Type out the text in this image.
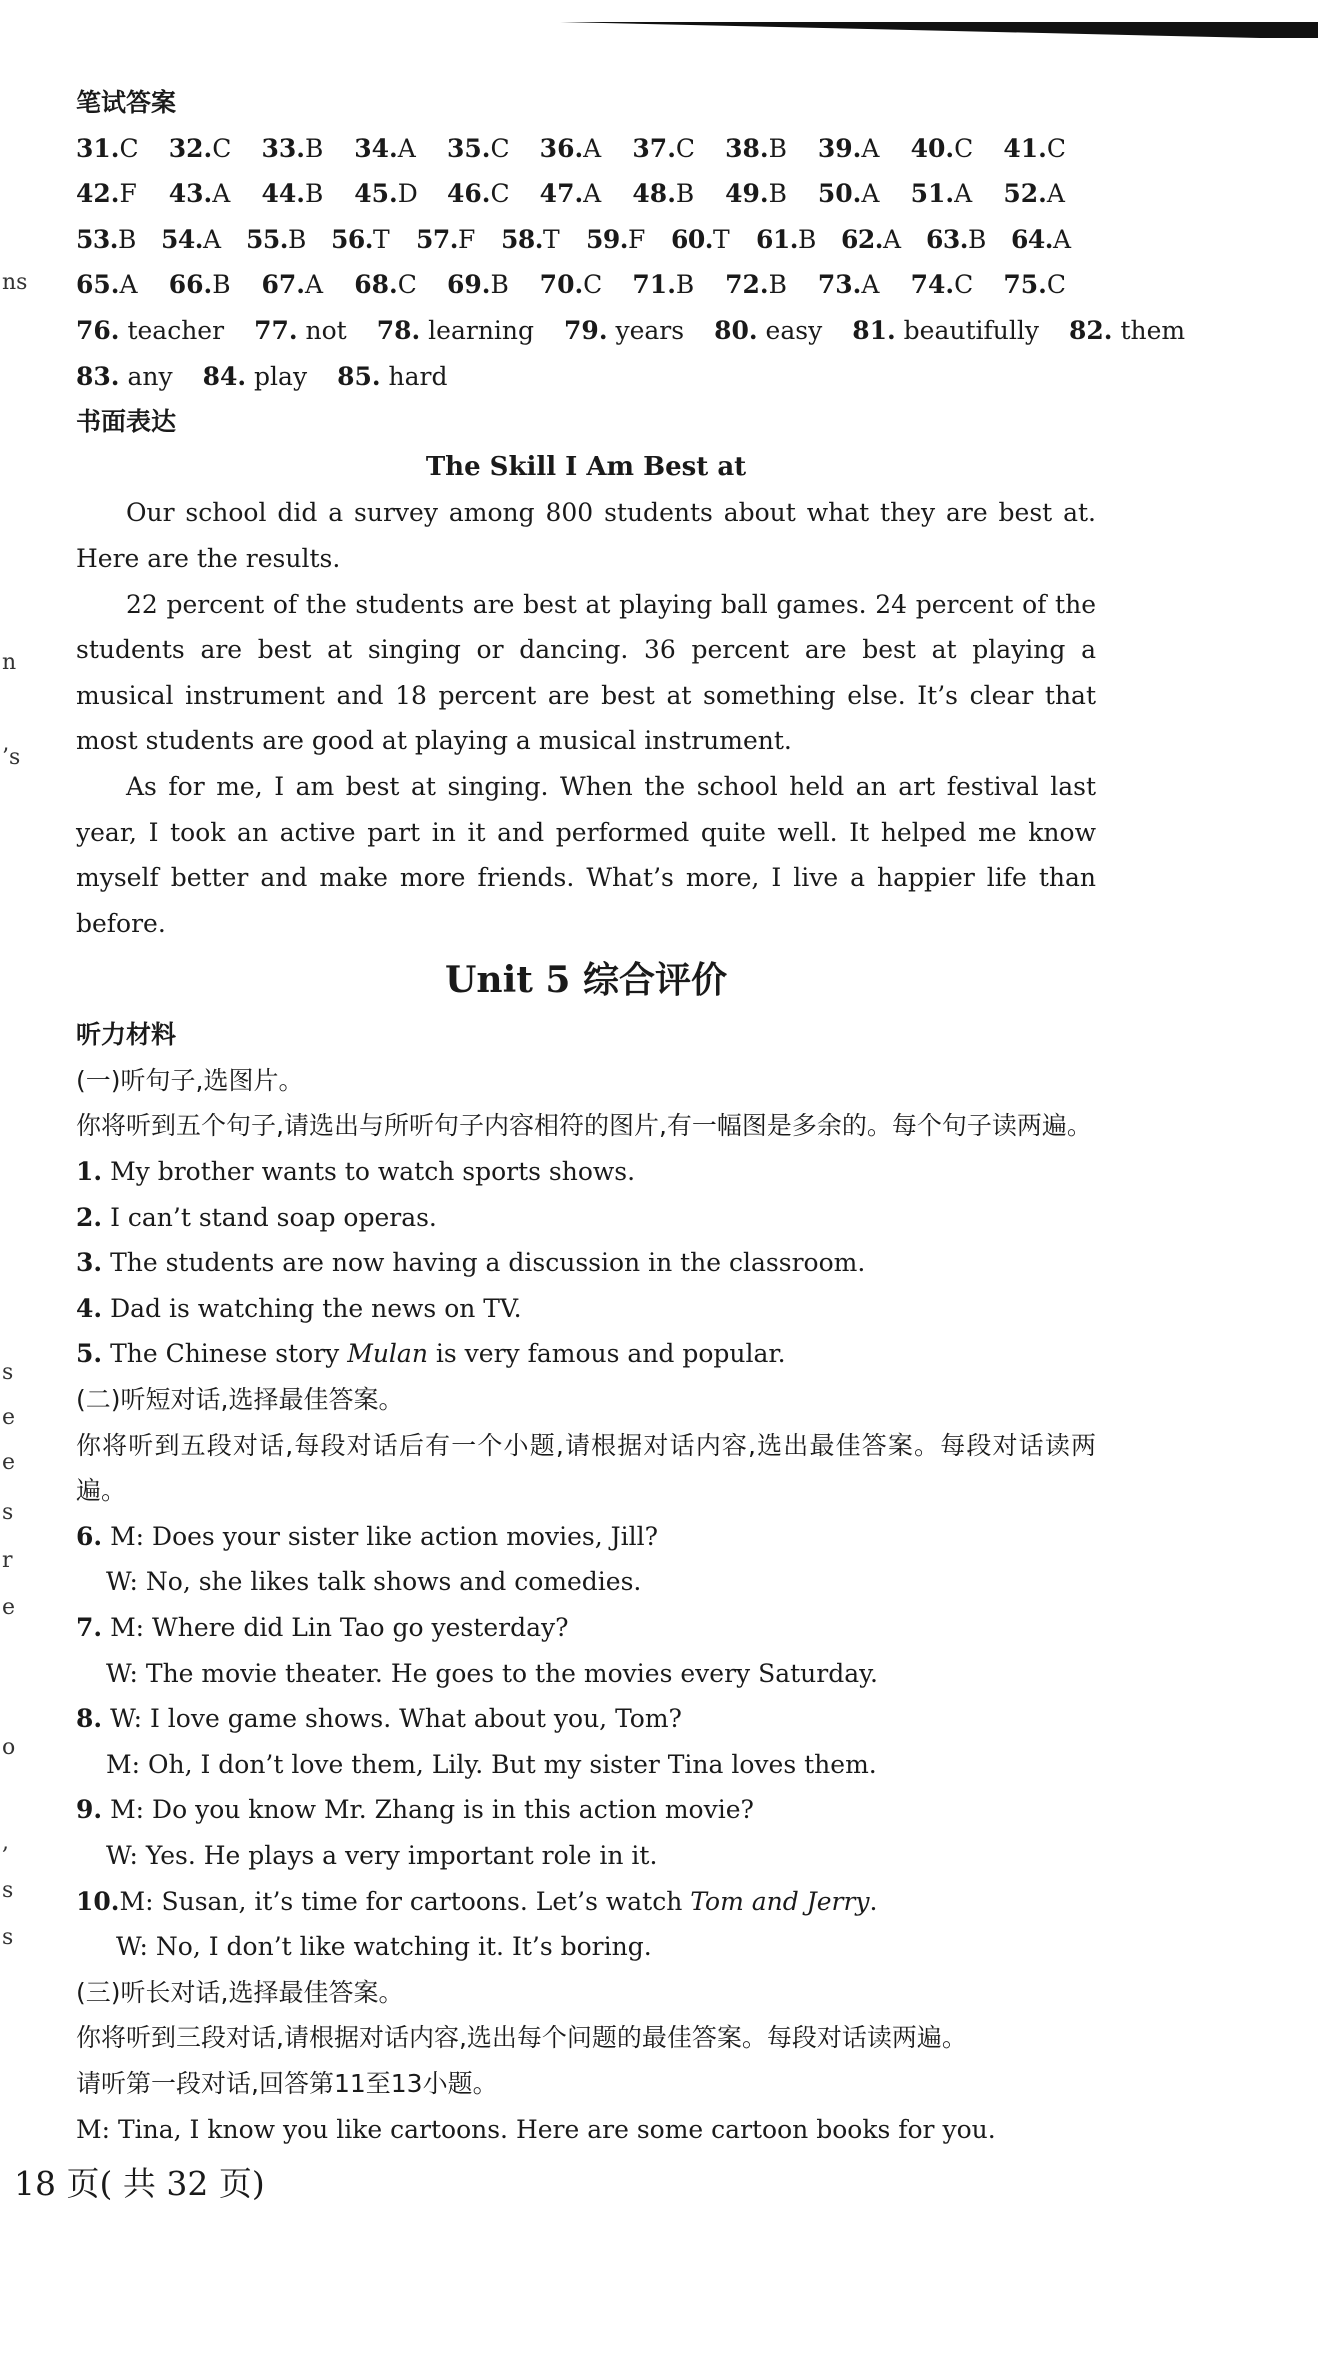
ns
n
’s
s
e
e
s
r
e
o
,
s
s
笔试答案
31.C	32.C	33.B	34.A	35.C	36.A	37.C	38.B	39.A	40.C	41.C
42.F	43.A	44.B	45.D	46.C	47.A	48.B	49.B	50.A	51.A	52.A
53.B	54.A	55.B	56.T	57.F	58.T	59.F	60.T	61.B	62.A	63.B	64.A
65.A	66.B	67.A	68.C	69.B	70.C	71.B	72.B	73.A	74.C	75.C
76. teacher 77. not 78. learning 79. years 80. easy 81. beautifully 82. them
83. any 84. play 85. hard
书面表达
The Skill I Am Best at
Our school did a survey among 800 students about what they are best at. Here are the results.
22 percent of the students are best at playing ball games. 24 percent of the students are best at singing or dancing. 36 percent are best at playing a musical instrument and 18 percent are best at something else. It’s clear that most students are good at playing a musical instrument.
As for me, I am best at singing. When the school held an art festival last year, I took an active part in it and performed quite well. It helped me know myself better and make more friends. What’s more, I live a happier life than before.
Unit 5 综合评价
听力材料
(一)听句子,选图片。
你将听到五个句子,请选出与所听句子内容相符的图片,有一幅图是多余的。每个句子读两遍。
1. My brother wants to watch sports shows.
2. I can’t stand soap operas.
3. The students are now having a discussion in the classroom.
4. Dad is watching the news on TV.
5. The Chinese story Mulan is very famous and popular.
(二)听短对话,选择最佳答案。
你将听到五段对话,每段对话后有一个小题,请根据对话内容,选出最佳答案。每段对话读两遍。
6. M: Does your sister like action movies, Jill?
W: No, she likes talk shows and comedies.
7. M: Where did Lin Tao go yesterday?
W: The movie theater. He goes to the movies every Saturday.
8. W: I love game shows. What about you, Tom?
M: Oh, I don’t love them, Lily. But my sister Tina loves them.
9. M: Do you know Mr. Zhang is in this action movie?
W: Yes. He plays a very important role in it.
10.M: Susan, it’s time for cartoons. Let’s watch Tom and Jerry.
W: No, I don’t like watching it. It’s boring.
(三)听长对话,选择最佳答案。
你将听到三段对话,请根据对话内容,选出每个问题的最佳答案。每段对话读两遍。
请听第一段对话,回答第11至13小题。
M: Tina, I know you like cartoons. Here are some cartoon books for you.
18 页( 共 32 页)
